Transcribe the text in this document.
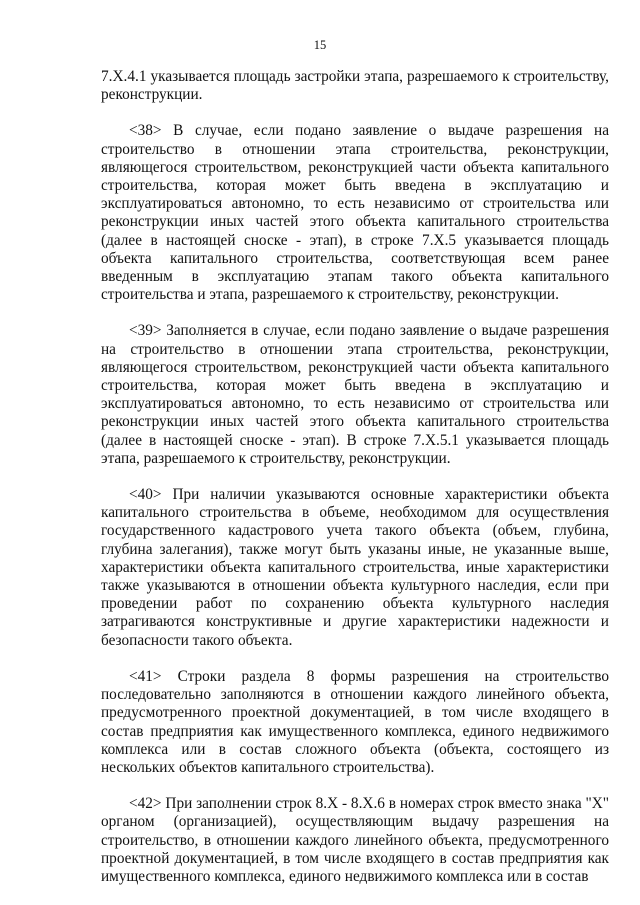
15

7.X.4.1 указывается площадь застройки этапа, разрешаемого к строительству, реконструкции.

<38> В случае, если подано заявление о выдаче разрешения на строительство в отношении этапа строительства, реконструкции, являющегося строительством, реконструкцией части объекта капитального строительства, которая может быть введена в эксплуатацию и эксплуатироваться автономно, то есть независимо от строительства или реконструкции иных частей этого объекта капитального строительства (далее в настоящей сноске - этап), в строке 7.X.5 указывается площадь объекта капитального строительства, соответствующая всем ранее введенным в эксплуатацию этапам такого объекта капитального строительства и этапа, разрешаемого к строительству, реконструкции.

<39> Заполняется в случае, если подано заявление о выдаче разрешения на строительство в отношении этапа строительства, реконструкции, являющегося строительством, реконструкцией части объекта капитального строительства, которая может быть введена в эксплуатацию и эксплуатироваться автономно, то есть независимо от строительства или реконструкции иных частей этого объекта капитального строительства (далее в настоящей сноске - этап). В строке 7.X.5.1 указывается площадь этапа, разрешаемого к строительству, реконструкции.

<40> При наличии указываются основные характеристики объекта капитального строительства в объеме, необходимом для осуществления государственного кадастрового учета такого объекта (объем, глубина, глубина залегания), также могут быть указаны иные, не указанные выше, характеристики объекта капитального строительства, иные характеристики также указываются в отношении объекта культурного наследия, если при проведении работ по сохранению объекта культурного наследия затрагиваются конструктивные и другие характеристики надежности и безопасности такого объекта.

<41> Строки раздела 8 формы разрешения на строительство последовательно заполняются в отношении каждого линейного объекта, предусмотренного проектной документацией, в том числе входящего в состав предприятия как имущественного комплекса, единого недвижимого комплекса или в состав сложного объекта (объекта, состоящего из нескольких объектов капитального строительства).

<42> При заполнении строк 8.X - 8.X.6 в номерах строк вместо знака "X" органом (организацией), осуществляющим выдачу разрешения на строительство, в отношении каждого линейного объекта, предусмотренного проектной документацией, в том числе входящего в состав предприятия как имущественного комплекса, единого недвижимого комплекса или в состав
